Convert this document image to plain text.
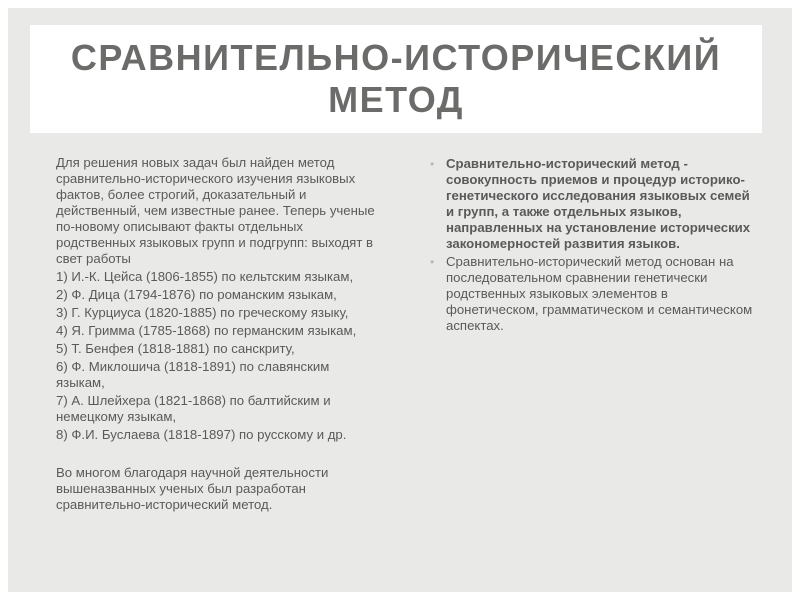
СРАВНИТЕЛЬНО-ИСТОРИЧЕСКИЙ МЕТОД

Для решения новых задач был найден метод сравнительно-исторического изучения языковых фактов, более строгий, доказательный и действенный, чем известные ранее. Теперь ученые по-новому описывают факты отдельных родственных языковых групп и подгрупп: выходят в свет работы

1) И.-К. Цейса (1806-1855) по кельтским языкам,

2) Ф. Дица (1794-1876) по романским языкам,

3) Г. Курциуса (1820-1885) по греческому языку,

4) Я. Гримма (1785-1868) по германским языкам,

5) Т. Бенфея (1818-1881) по санскриту,

6) Ф. Миклошича (1818-1891) по славянским языкам,

7) А. Шлейхера (1821-1868) по балтийским и немецкому языкам,

8) Ф.И. Буслаева (1818-1897) по русскому и др.

Во многом благодаря научной деятельности вышеназванных ученых был разработан сравнительно-исторический метод.

• Сравнительно-исторический метод - совокупность приемов и процедур историко-генетического исследования языковых семей и групп, а также отдельных языков, направленных на установление исторических закономерностей развития языков.
• Сравнительно-исторический метод основан на последовательном сравнении генетически родственных языковых элементов в фонетическом, грамматическом и семантическом аспектах.
